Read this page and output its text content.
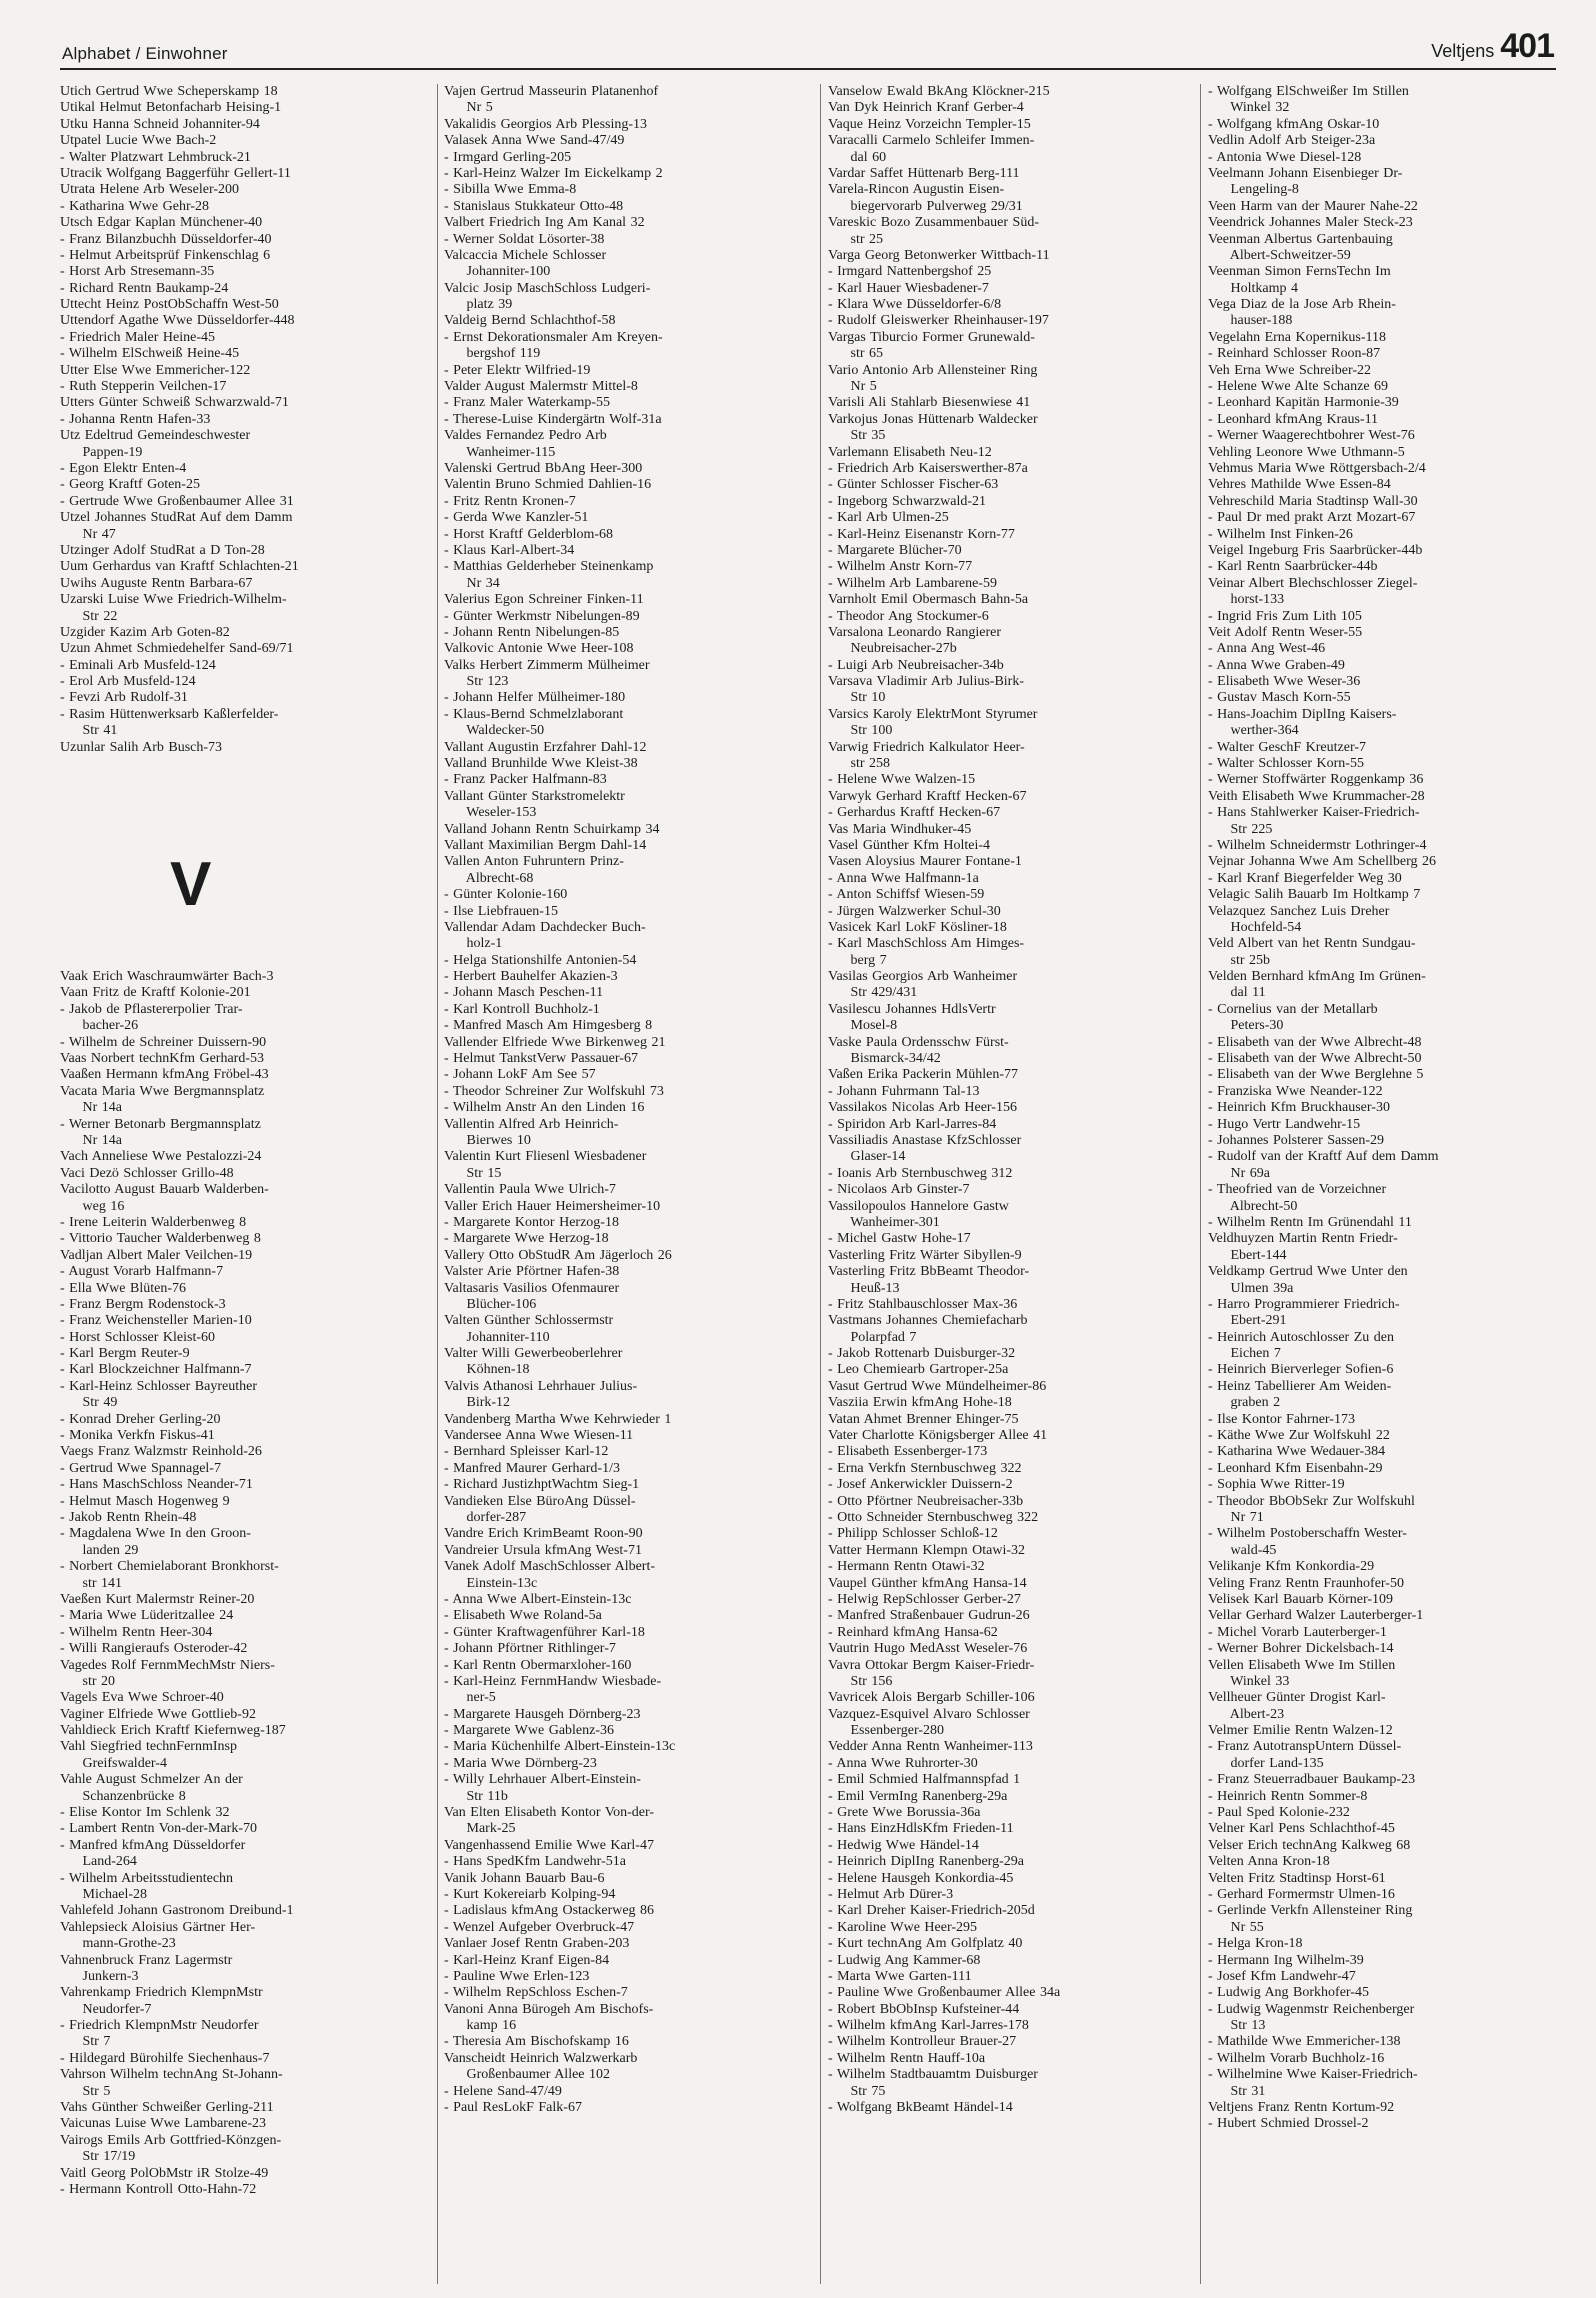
Alphabet / Einwohner	Veltjens 401
Utich Gertrud Wwe Scheperskamp 18
Utikal Helmut Betonfacharb Heising-1
Utku Hanna Schneid Johanniter-94
Utpatel Lucie Wwe Bach-2
- Walter Platzwart Lehmbruck-21
Utracik Wolfgang Baggerführ Gellert-11
Utrata Helene Arb Weseler-200
- Katharina Wwe Gehr-28
Utsch Edgar Kaplan Münchener-40
- Franz Bilanzbuchh Düsseldorfer-40
- Helmut Arbeitsprüf Finkenschlag 6
- Horst Arb Stresemann-35
- Richard Rentn Baukamp-24
Uttecht Heinz PostObSchaffn West-50
Uttendorf Agathe Wwe Düsseldorfer-448
- Friedrich Maler Heine-45
- Wilhelm ElSchweiß Heine-45
Utter Else Wwe Emmericher-122
- Ruth Stepperin Veilchen-17
Utters Günter Schweiß Schwarzwald-71
- Johanna Rentn Hafen-33
Utz Edeltrud Gemeindeschwester
Pappen-19
- Egon Elektr Enten-4
- Georg Kraftf Goten-25
- Gertrude Wwe Großenbaumer Allee 31
Utzel Johannes StudRat Auf dem Damm
Nr 47
Utzinger Adolf StudRat a D Ton-28
Uum Gerhardus van Kraftf Schlachten-21
Uwihs Auguste Rentn Barbara-67
Uzarski Luise Wwe Friedrich-Wilhelm-
Str 22
Uzgider Kazim Arb Goten-82
Uzun Ahmet Schmiedehelfer Sand-69/71
- Eminali Arb Musfeld-124
- Erol Arb Musfeld-124
- Fevzi Arb Rudolf-31
- Rasim Hüttenwerksarb Kaßlerfelder-
Str 41
Uzunlar Salih Arb Busch-73
Vaak Erich Waschraumwärter Bach-3
Vaan Fritz de Kraftf Kolonie-201
- Jakob de Pflastererpolier Trar-
bacher-26
- Wilhelm de Schreiner Duissern-90
Vaas Norbert technKfm Gerhard-53
Vaaßen Hermann kfmAng Fröbel-43
Vacata Maria Wwe Bergmannsplatz
Nr 14a
- Werner Betonarb Bergmannsplatz
Nr 14a
Vach Anneliese Wwe Pestalozzi-24
Vaci Dezö Schlosser Grillo-48
Vacilotto August Bauarb Walderben-
weg 16
- Irene Leiterin Walderbenweg 8
- Vittorio Taucher Walderbenweg 8
Vadljan Albert Maler Veilchen-19
- August Vorarb Halfmann-7
- Ella Wwe Blüten-76
- Franz Bergm Rodenstock-3
- Franz Weichensteller Marien-10
- Horst Schlosser Kleist-60
- Karl Bergm Reuter-9
- Karl Blockzeichner Halfmann-7
- Karl-Heinz Schlosser Bayreuther
Str 49
- Konrad Dreher Gerling-20
- Monika Verkfn Fiskus-41
Vaegs Franz Walzmstr Reinhold-26
- Gertrud Wwe Spannagel-7
- Hans MaschSchloss Neander-71
- Helmut Masch Hogenweg 9
- Jakob Rentn Rhein-48
- Magdalena Wwe In den Groon-
landen 29
- Norbert Chemielaborant Bronkhorst-
str 141
Vaeßen Kurt Malermstr Reiner-20
- Maria Wwe Lüderitzallee 24
- Wilhelm Rentn Heer-304
- Willi Rangieraufs Osteroder-42
Vagedes Rolf FernmMechMstr Niers-
str 20
Vagels Eva Wwe Schroer-40
Vaginer Elfriede Wwe Gottlieb-92
Vahldieck Erich Kraftf Kiefernweg-187
Vahl Siegfried technFernmInsp
Greifswalder-4
Vahle August Schmelzer An der
Schanzenbrücke 8
- Elise Kontor Im Schlenk 32
- Lambert Rentn Von-der-Mark-70
- Manfred kfmAng Düsseldorfer
Land-264
- Wilhelm Arbeitsstudientechn
Michael-28
Vahlefeld Johann Gastronom Dreibund-1
Vahlepsieck Aloisius Gärtner Her-
mann-Grothe-23
Vahnenbruck Franz Lagermstr
Junkern-3
Vahrenkamp Friedrich KlempnMstr
Neudorfer-7
- Friedrich KlempnMstr Neudorfer
Str 7
- Hildegard Bürohilfe Siechenhaus-7
Vahrson Wilhelm technAng St-Johann-
Str 5
Vahs Günther Schweißer Gerling-211
Vaicunas Luise Wwe Lambarene-23
Vairogs Emils Arb Gottfried-Könzgen-
Str 17/19
Vaitl Georg PolObMstr iR Stolze-49
- Hermann Kontroll Otto-Hahn-72
Vajen Gertrud Masseurin Platanenhof
Nr 5
Vakalidis Georgios Arb Plessing-13
Valasek Anna Wwe Sand-47/49
- Irmgard Gerling-205
- Karl-Heinz Walzer Im Eickelkamp 2
- Sibilla Wwe Emma-8
- Stanislaus Stukkateur Otto-48
Valbert Friedrich Ing Am Kanal 32
- Werner Soldat Lösorter-38
Valcaccia Michele Schlosser
Johanniter-100
Valcic Josip MaschSchloss Ludgeri-
platz 39
Valdeig Bernd Schlachthof-58
- Ernst Dekorationsmaler Am Kreyen-
bergshof 119
- Peter Elektr Wilfried-19
Valder August Malermstr Mittel-8
- Franz Maler Waterkamp-55
- Therese-Luise Kindergärtn Wolf-31a
Valdes Fernandez Pedro Arb
Wanheimer-115
Valenski Gertrud BbAng Heer-300
Valentin Bruno Schmied Dahlien-16
- Fritz Rentn Kronen-7
- Gerda Wwe Kanzler-51
- Horst Kraftf Gelderblom-68
- Klaus Karl-Albert-34
- Matthias Gelderheber Steinenkamp
Nr 34
Valerius Egon Schreiner Finken-11
- Günter Werkmstr Nibelungen-89
- Johann Rentn Nibelungen-85
Valkovic Antonie Wwe Heer-108
Valks Herbert Zimmerm Mülheimer
Str 123
- Johann Helfer Mülheimer-180
- Klaus-Bernd Schmelzlaborant
Waldecker-50
Vallant Augustin Erzfahrer Dahl-12
Valland Brunhilde Wwe Kleist-38
- Franz Packer Halfmann-83
Vallant Günter Starkstromelektr
Weseler-153
Valland Johann Rentn Schuirkamp 34
Vallant Maximilian Bergm Dahl-14
Vallen Anton Fuhruntern Prinz-
Albrecht-68
- Günter Kolonie-160
- Ilse Liebfrauen-15
Vallendar Adam Dachdecker Buch-
holz-1
- Helga Stationshilfe Antonien-54
- Herbert Bauhelfer Akazien-3
- Johann Masch Peschen-11
- Karl Kontroll Buchholz-1
- Manfred Masch Am Himgesberg 8
Vallender Elfriede Wwe Birkenweg 21
- Helmut TankstVerw Passauer-67
- Johann LokF Am See 57
- Theodor Schreiner Zur Wolfskuhl 73
- Wilhelm Anstr An den Linden 16
Vallentin Alfred Arb Heinrich-
Bierwes 10
Valentin Kurt Fliesenl Wiesbadener
Str 15
Vallentin Paula Wwe Ulrich-7
Valler Erich Hauer Heimersheimer-10
- Margarete Kontor Herzog-18
- Margarete Wwe Herzog-18
Vallery Otto ObStudR Am Jägerloch 26
Valster Arie Pförtner Hafen-38
Valtasaris Vasilios Ofenmaurer
Blücher-106
Valten Günther Schlossermstr
Johanniter-110
Valter Willi Gewerbeoberlehrer
Köhnen-18
Valvis Athanosi Lehrhauer Julius-
Birk-12
Vandenberg Martha Wwe Kehrwieder 1
Vandersee Anna Wwe Wiesen-11
- Bernhard Spleisser Karl-12
- Manfred Maurer Gerhard-1/3
- Richard JustizhptWachtm Sieg-1
Vandieken Else BüroAng Düssel-
dorfer-287
Vandre Erich KrimBeamt Roon-90
Vandreier Ursula kfmAng West-71
Vanek Adolf MaschSchlosser Albert-
Einstein-13c
- Anna Wwe Albert-Einstein-13c
- Elisabeth Wwe Roland-5a
- Günter Kraftwagenführer Karl-18
- Johann Pförtner Rithlinger-7
- Karl Rentn Obermarxloher-160
- Karl-Heinz FernmHandw Wiesbade-
ner-5
- Margarete Hausgeh Dörnberg-23
- Margarete Wwe Gablenz-36
- Maria Küchenhilfe Albert-Einstein-13c
- Maria Wwe Dörnberg-23
- Willy Lehrhauer Albert-Einstein-
Str 11b
Van Elten Elisabeth Kontor Von-der-
Mark-25
Vangenhassend Emilie Wwe Karl-47
- Hans SpedKfm Landwehr-51a
Vanik Johann Bauarb Bau-6
- Kurt Kokereiarb Kolping-94
- Ladislaus kfmAng Ostackerweg 86
- Wenzel Aufgeber Overbruck-47
Vanlaer Josef Rentn Graben-203
- Karl-Heinz Kranf Eigen-84
- Pauline Wwe Erlen-123
- Wilhelm RepSchloss Eschen-7
Vanoni Anna Bürogeh Am Bischofs-
kamp 16
- Theresia Am Bischofskamp 16
Vanscheidt Heinrich Walzwerkarb
Großenbaumer Allee 102
- Helene Sand-47/49
- Paul ResLokF Falk-67
Vanselow Ewald BkAng Klöckner-215
Van Dyk Heinrich Kranf Gerber-4
Vaque Heinz Vorzeichn Templer-15
Varacalli Carmelo Schleifer Immen-
dal 60
Vardar Saffet Hüttenarb Berg-111
Varela-Rincon Augustin Eisen-
biegervorarb Pulverweg 29/31
Vareskic Bozo Zusammenbauer Süd-
str 25
Varga Georg Betonwerker Wittbach-11
- Irmgard Nattenbergshof 25
- Karl Hauer Wiesbadener-7
- Klara Wwe Düsseldorfer-6/8
- Rudolf Gleiswerker Rheinhauser-197
Vargas Tiburcio Former Grunewald-
str 65
Vario Antonio Arb Allensteiner Ring
Nr 5
Varisli Ali Stahlarb Biesenwiese 41
Varkojus Jonas Hüttenarb Waldecker
Str 35
Varlemann Elisabeth Neu-12
- Friedrich Arb Kaiserswerther-87a
- Günter Schlosser Fischer-63
- Ingeborg Schwarzwald-21
- Karl Arb Ulmen-25
- Karl-Heinz Eisenanstr Korn-77
- Margarete Blücher-70
- Wilhelm Anstr Korn-77
- Wilhelm Arb Lambarene-59
Varnholt Emil Obermasch Bahn-5a
- Theodor Ang Stockumer-6
Varsalona Leonardo Rangierer
Neubreisacher-27b
- Luigi Arb Neubreisacher-34b
Varsava Vladimir Arb Julius-Birk-
Str 10
Varsics Karoly ElektrMont Styrumer
Str 100
Varwig Friedrich Kalkulator Heer-
str 258
- Helene Wwe Walzen-15
Varwyk Gerhard Kraftf Hecken-67
- Gerhardus Kraftf Hecken-67
Vas Maria Windhuker-45
Vasel Günther Kfm Holtei-4
Vasen Aloysius Maurer Fontane-1
- Anna Wwe Halfmann-1a
- Anton Schiffsf Wiesen-59
- Jürgen Walzwerker Schul-30
Vasicek Karl LokF Kösliner-18
- Karl MaschSchloss Am Himges-
berg 7
Vasilas Georgios Arb Wanheimer
Str 429/431
Vasilescu Johannes HdlsVertr
Mosel-8
Vaske Paula Ordensschw Fürst-
Bismarck-34/42
Vaßen Erika Packerin Mühlen-77
- Johann Fuhrmann Tal-13
Vassilakos Nicolas Arb Heer-156
- Spiridon Arb Karl-Jarres-84
Vassiliadis Anastase KfzSchlosser
Glaser-14
- Ioanis Arb Sternbuschweg 312
- Nicolaos Arb Ginster-7
Vassilopoulos Hannelore Gastw
Wanheimer-301
- Michel Gastw Hohe-17
Vasterling Fritz Wärter Sibyllen-9
Vasterling Fritz BbBeamt Theodor-
Heuß-13
- Fritz Stahlbauschlosser Max-36
Vastmans Johannes Chemiefacharb
Polarpfad 7
- Jakob Rottenarb Duisburger-32
- Leo Chemiearb Gartroper-25a
Vasut Gertrud Wwe Mündelheimer-86
Vasziia Erwin kfmAng Hohe-18
Vatan Ahmet Brenner Ehinger-75
Vater Charlotte Königsberger Allee 41
- Elisabeth Essenberger-173
- Erna Verkfn Sternbuschweg 322
- Josef Ankerwickler Duissern-2
- Otto Pförtner Neubreisacher-33b
- Otto Schneider Sternbuschweg 322
- Philipp Schlosser Schloß-12
Vatter Hermann Klempn Otawi-32
- Hermann Rentn Otawi-32
Vaupel Günther kfmAng Hansa-14
- Helwig RepSchlosser Gerber-27
- Manfred Straßenbauer Gudrun-26
- Reinhard kfmAng Hansa-62
Vautrin Hugo MedAsst Weseler-76
Vavra Ottokar Bergm Kaiser-Friedr-
Str 156
Vavricek Alois Bergarb Schiller-106
Vazquez-Esquivel Alvaro Schlosser
Essenberger-280
Vedder Anna Rentn Wanheimer-113
- Anna Wwe Ruhrorter-30
- Emil Schmied Halfmannspfad 1
- Emil VermIng Ranenberg-29a
- Grete Wwe Borussia-36a
- Hans EinzHdlsKfm Frieden-11
- Hedwig Wwe Händel-14
- Heinrich DiplIng Ranenberg-29a
- Helene Hausgeh Konkordia-45
- Helmut Arb Dürer-3
- Karl Dreher Kaiser-Friedrich-205d
- Karoline Wwe Heer-295
- Kurt technAng Am Golfplatz 40
- Ludwig Ang Kammer-68
- Marta Wwe Garten-111
- Pauline Wwe Großenbaumer Allee 34a
- Robert BbObInsp Kufsteiner-44
- Wilhelm kfmAng Karl-Jarres-178
- Wilhelm Kontrolleur Brauer-27
- Wilhelm Rentn Hauff-10a
- Wilhelm Stadtbauamtm Duisburger
Str 75
- Wolfgang BkBeamt Händel-14
- Wolfgang ElSchweißer Im Stillen
Winkel 32
- Wolfgang kfmAng Oskar-10
Vedlin Adolf Arb Steiger-23a
- Antonia Wwe Diesel-128
Veelmann Johann Eisenbieger Dr-
Lengeling-8
Veen Harm van der Maurer Nahe-22
Veendrick Johannes Maler Steck-23
Veenman Albertus Gartenbauing
Albert-Schweitzer-59
Veenman Simon FernsTechn Im
Holtkamp 4
Vega Diaz de la Jose Arb Rhein-
hauser-188
Vegelahn Erna Kopernikus-118
- Reinhard Schlosser Roon-87
Veh Erna Wwe Schreiber-22
- Helene Wwe Alte Schanze 69
- Leonhard Kapitän Harmonie-39
- Leonhard kfmAng Kraus-11
- Werner Waagerechtbohrer West-76
Vehling Leonore Wwe Uthmann-5
Vehmus Maria Wwe Röttgersbach-2/4
Vehres Mathilde Wwe Essen-84
Vehreschild Maria Stadtinsp Wall-30
- Paul Dr med prakt Arzt Mozart-67
- Wilhelm Inst Finken-26
Veigel Ingeburg Fris Saarbrücker-44b
- Karl Rentn Saarbrücker-44b
Veinar Albert Blechschlosser Ziegel-
horst-133
- Ingrid Fris Zum Lith 105
Veit Adolf Rentn Weser-55
- Anna Ang West-46
- Anna Wwe Graben-49
- Elisabeth Wwe Weser-36
- Gustav Masch Korn-55
- Hans-Joachim DiplIng Kaisers-
werther-364
- Walter GeschF Kreutzer-7
- Walter Schlosser Korn-55
- Werner Stoffwärter Roggenkamp 36
Veith Elisabeth Wwe Krummacher-28
- Hans Stahlwerker Kaiser-Friedrich-
Str 225
- Wilhelm Schneidermstr Lothringer-4
Vejnar Johanna Wwe Am Schellberg 26
- Karl Kranf Biegerfelder Weg 30
Velagic Salih Bauarb Im Holtkamp 7
Velazquez Sanchez Luis Dreher
Hochfeld-54
Veld Albert van het Rentn Sundgau-
str 25b
Velden Bernhard kfmAng Im Grünen-
dal 11
- Cornelius van der Metallarb
Peters-30
- Elisabeth van der Wwe Albrecht-48
- Elisabeth van der Wwe Albrecht-50
- Elisabeth van der Wwe Berglehne 5
- Franziska Wwe Neander-122
- Heinrich Kfm Bruckhauser-30
- Hugo Vertr Landwehr-15
- Johannes Polsterer Sassen-29
- Rudolf van der Kraftf Auf dem Damm
Nr 69a
- Theofried van de Vorzeichner
Albrecht-50
- Wilhelm Rentn Im Grünendahl 11
Veldhuyzen Martin Rentn Friedr-
Ebert-144
Veldkamp Gertrud Wwe Unter den
Ulmen 39a
- Harro Programmierer Friedrich-
Ebert-291
- Heinrich Autoschlosser Zu den
Eichen 7
- Heinrich Bierverleger Sofien-6
- Heinz Tabellierer Am Weiden-
graben 2
- Ilse Kontor Fahrner-173
- Käthe Wwe Zur Wolfskuhl 22
- Katharina Wwe Wedauer-384
- Leonhard Kfm Eisenbahn-29
- Sophia Wwe Ritter-19
- Theodor BbObSekr Zur Wolfskuhl
Nr 71
- Wilhelm Postoberschaffn Wester-
wald-45
Velikanje Kfm Konkordia-29
Veling Franz Rentn Fraunhofer-50
Velisek Karl Bauarb Körner-109
Vellar Gerhard Walzer Lauterberger-1
- Michel Vorarb Lauterberger-1
- Werner Bohrer Dickelsbach-14
Vellen Elisabeth Wwe Im Stillen
Winkel 33
Vellheuer Günter Drogist Karl-
Albert-23
Velmer Emilie Rentn Walzen-12
- Franz AutotranspUntern Düssel-
dorfer Land-135
- Franz Steuerradbauer Baukamp-23
- Heinrich Rentn Sommer-8
- Paul Sped Kolonie-232
Velner Karl Pens Schlachthof-45
Velser Erich technAng Kalkweg 68
Velten Anna Kron-18
Velten Fritz Stadtinsp Horst-61
- Gerhard Formermstr Ulmen-16
- Gerlinde Verkfn Allensteiner Ring
Nr 55
- Helga Kron-18
- Hermann Ing Wilhelm-39
- Josef Kfm Landwehr-47
- Ludwig Ang Borkhofer-45
- Ludwig Wagenmstr Reichenberger
Str 13
- Mathilde Wwe Emmericher-138
- Wilhelm Vorarb Buchholz-16
- Wilhelmine Wwe Kaiser-Friedrich-
Str 31
Veltjens Franz Rentn Kortum-92
- Hubert Schmied Drossel-2
V
